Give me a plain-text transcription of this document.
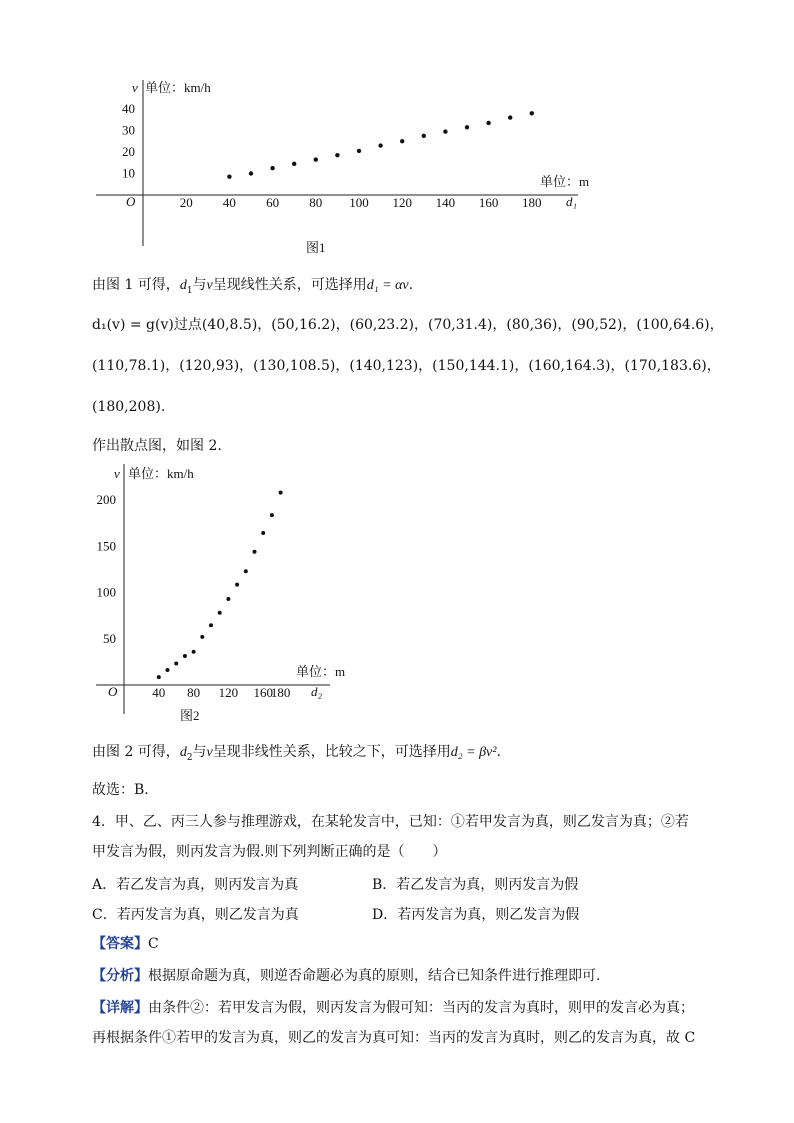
v 单位：km/h
单位：m
d₁
O
图1
40
30
20
10
20 40 60 80 100 120 140 160 180
由图 1 可得，$d_1$与v呈现线性关系，可选择用d₁ = αv.
d₁(v) = g(v)过点(40,8.5)，(50,16.2)，(60,23.2)，(70,31.4)，(80,36)，(90,52)，(100,64.6)，
(110,78.1)，(120,93)，(130,108.5)，(140,123)，(150,144.1)，(160,164.3)，(170,183.6)，
(180,208).
作出散点图，如图 2.
v 单位：km/h
单位：m
d₂
O
图2
200
150
100
50
40 80 120 160
180
由图 2 可得，$d_2$与v呈现非线性关系，比较之下，可选择用d₂ = βv².
故选：B.
4．甲、乙、丙三人参与推理游戏，在某轮发言中，已知：①若甲发言为真，则乙发言为真；②若
甲发言为假，则丙发言为假.则下列判断正确的是（　　）
A．若乙发言为真，则丙发言为真	B．若乙发言为真，则丙发言为假
C．若丙发言为真，则乙发言为真	D．若丙发言为真，则乙发言为假
【答案】C
【分析】根据原命题为真，则逆否命题必为真的原则，结合已知条件进行推理即可.
【详解】由条件②：若甲发言为假，则丙发言为假可知：当丙的发言为真时，则甲的发言必为真；
再根据条件①若甲的发言为真，则乙的发言为真可知：当丙的发言为真时，则乙的发言为真，故 C
